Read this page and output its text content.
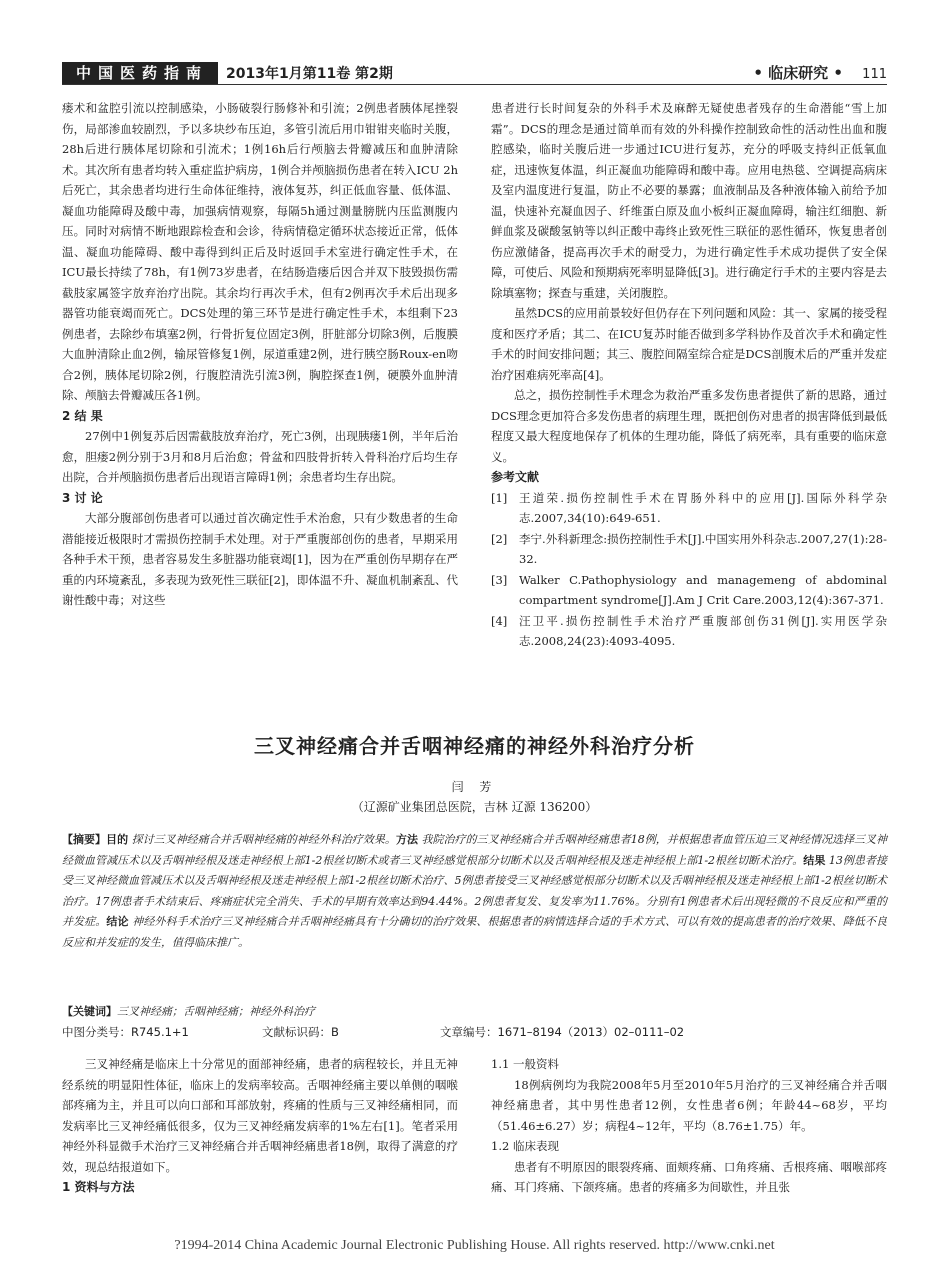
中国医药指南	2013年1月第11卷 第2期	• 临床研究 • 111

瘘术和盆腔引流以控制感染，小肠破裂行肠修补和引流；2例患者胰体尾挫裂伤，局部渗血较剧烈，予以多块纱布压迫，多管引流后用巾钳钳夹临时关腹，28h后进行胰体尾切除和引流术；1例16h后行颅脑去骨瓣减压和血肿清除术。其次所有患者均转入重症监护病房，1例合并颅脑损伤患者在转入ICU 2h后死亡，其余患者均进行生命体征维持，液体复苏，纠正低血容量、低体温、凝血功能障碍及酸中毒，加强病情观察，每隔5h通过测量膀胱内压监测腹内压。同时对病情不断地跟踪检查和会诊，待病情稳定循环状态接近正常，低体温、凝血功能障碍、酸中毒得到纠正后及时返回手术室进行确定性手术，在ICU最长持续了78h，有1例73岁患者，在结肠造瘘后因合并双下肢毁损伤需截肢家属签字放弃治疗出院。其余均行再次手术，但有2例再次手术后出现多器管功能衰竭而死亡。DCS处理的第三环节是进行确定性手术，本组剩下23例患者，去除纱布填塞2例，行骨折复位固定3例，肝脏部分切除3例，后腹膜大血肿清除止血2例，输尿管修复1例，尿道重建2例，进行胰空肠Roux-en吻合2例，胰体尾切除2例，行腹腔清洗引流3例，胸腔探查1例，硬膜外血肿清除、颅脑去骨瓣减压各1例。

2 结 果

27例中1例复苏后因需截肢放弃治疗，死亡3例，出现胰瘘1例，半年后治愈，胆瘘2例分别于3月和8月后治愈；骨盆和四肢骨折转入骨科治疗后均生存出院，合并颅脑损伤患者后出现语言障碍1例；余患者均生存出院。

3 讨 论

大部分腹部创伤患者可以通过首次确定性手术治愈，只有少数患者的生命潜能接近极限时才需损伤控制手术处理。对于严重腹部创伤的患者，早期采用各种手术干预，患者容易发生多脏器功能衰竭[1]，因为在严重创伤早期存在严重的内环境紊乱，多表现为致死性三联征[2]，即体温不升、凝血机制紊乱、代谢性酸中毒；对这些

患者进行长时间复杂的外科手术及麻醉无疑使患者残存的生命潜能“雪上加霜”。DCS的理念是通过简单而有效的外科操作控制致命性的活动性出血和腹腔感染，临时关腹后进一步通过ICU进行复苏，充分的呼吸支持纠正低氧血症，迅速恢复体温，纠正凝血功能障碍和酸中毒。应用电热毯、空调提高病床及室内温度进行复温，防止不必要的暴露；血液制品及各种液体输入前给予加温，快速补充凝血因子、纤维蛋白原及血小板纠正凝血障碍，输注红细胞、新鲜血浆及碳酸氢钠等以纠正酸中毒终止致死性三联征的恶性循环，恢复患者创伤应激储备，提高再次手术的耐受力，为进行确定性手术成功提供了安全保障，可使后、风险和预期病死率明显降低[3]。进行确定行手术的主要内容是去除填塞物；探查与重建，关闭腹腔。

虽然DCS的应用前景较好但仍存在下列问题和风险：其一、家属的接受程度和医疗矛盾；其二、在ICU复苏时能否做到多学科协作及首次手术和确定性手术的时间安排问题；其三、腹腔间隔室综合症是DCS剖腹术后的严重并发症治疗困难病死率高[4]。

总之，损伤控制性手术理念为救治严重多发伤患者提供了新的思路，通过DCS理念更加符合多发伤患者的病理生理，既把创伤对患者的损害降低到最低程度又最大程度地保存了机体的生理功能，降低了病死率，具有重要的临床意义。

参考文献

[1]	王道荣.损伤控制性手术在胃肠外科中的应用[J].国际外科学杂志.2007,34(10):649-651.
[2]	李宁.外科新理念:损伤控制性手术[J].中国实用外科杂志.2007,27(1):28-32.
[3]	Walker C.Pathophysiology and managemeng of abdominal compartment syndrome[J].Am J Crit Care.2003,12(4):367-371.
[4]	汪卫平.损伤控制性手术治疗严重腹部创伤31例[J].实用医学杂志.2008,24(23):4093-4095.
三叉神经痛合并舌咽神经痛的神经外科治疗分析
闫 芳
（辽源矿业集团总医院，吉林 辽源 136200）
【摘要】目的 探讨三叉神经痛合并舌咽神经痛的神经外科治疗效果。方法 我院治疗的三叉神经痛合并舌咽神经痛患者18例，并根据患者血管压迫三叉神经情况选择三叉神经微血管减压术以及舌咽神经根及迷走神经根上部1-2根丝切断术或者三叉神经感觉根部分切断术以及舌咽神经根及迷走神经根上部1-2根丝切断术治疗。结果 13例患者接受三叉神经微血管减压术以及舌咽神经根及迷走神经根上部1-2根丝切断术治疗、5例患者接受三叉神经感觉根部分切断术以及舌咽神经根及迷走神经根上部1-2根丝切断术治疗。17例患者手术结束后、疼痛症状完全消失、手术的早期有效率达到94.44%。2例患者复发、复发率为11.76%。分别有1例患者术后出现轻微的不良反应和严重的并发症。结论 神经外科手术治疗三叉神经痛合并舌咽神经痛具有十分确切的治疗效果、根据患者的病情选择合适的手术方式、可以有效的提高患者的治疗效果、降低不良反应和并发症的发生，值得临床推广。
【关键词】三叉神经痛；舌咽神经痛；神经外科治疗
中图分类号：R745.1+1	文献标识码：B	文章编号：1671–8194（2013）02–0111–02

三叉神经痛是临床上十分常见的面部神经痛，患者的病程较长，并且无神经系统的明显阳性体征，临床上的发病率较高。舌咽神经痛主要以单侧的咽喉部疼痛为主，并且可以向口部和耳部放射，疼痛的性质与三叉神经痛相同，而发病率比三叉神经痛低很多，仅为三叉神经痛发病率的1%左右[1]。笔者采用神经外科显微手术治疗三叉神经痛合并舌咽神经痛患者18例，取得了满意的疗效，现总结报道如下。

1 资料与方法

1.1 一般资料

18例病例均为我院2008年5月至2010年5月治疗的三叉神经痛合并舌咽神经痛患者，其中男性患者12例，女性患者6例；年龄44~68岁，平均（51.46±6.27）岁；病程4~12年，平均（8.76±1.75）年。

1.2 临床表现

患者有不明原因的眼裂疼痛、面颊疼痛、口角疼痛、舌根疼痛、咽喉部疼痛、耳门疼痛、下颌疼痛。患者的疼痛多为间歇性，并且张

?1994-2014 China Academic Journal Electronic Publishing House. All rights reserved. http://www.cnki.net
